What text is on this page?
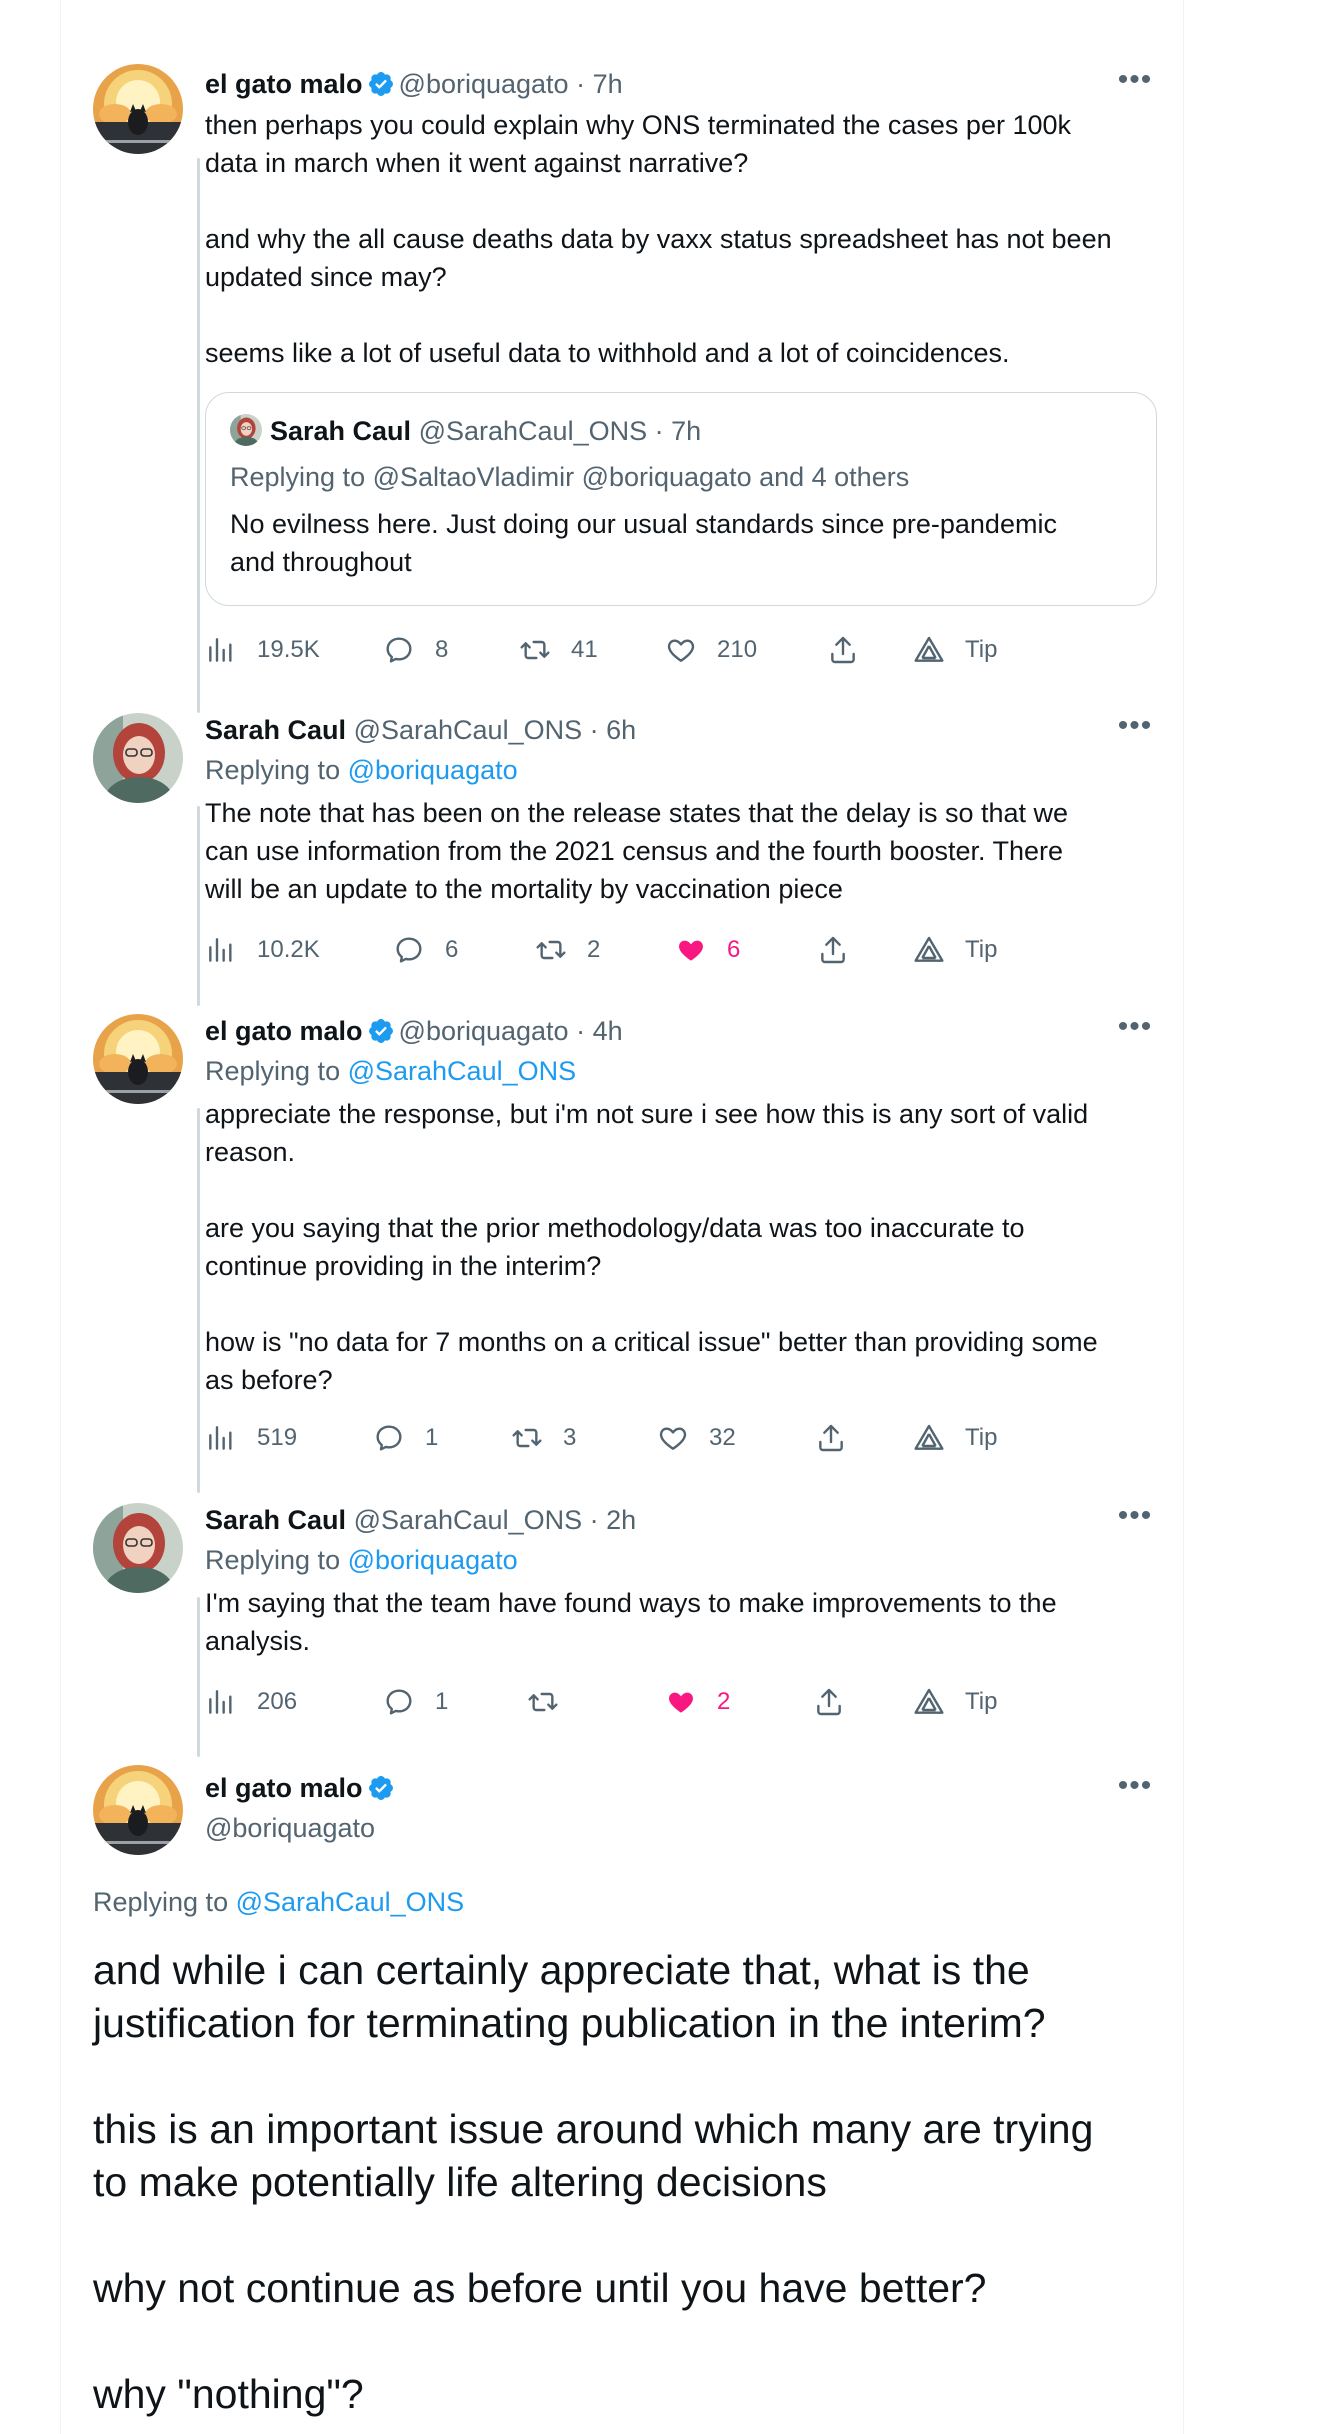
el gato malo @boriquagato · 7h
then perhaps you could explain why ONS terminated the cases per 100k
data in march when it went against narrative?

and why the all cause deaths data by vaxx status spreadsheet has not been
updated since may?

seems like a lot of useful data to withhold and a lot of coincidences.
•••
Sarah Caul @SarahCaul_ONS · 7h
Replying to @SaltaoVladimir @boriquagato and 4 others
No evilness here. Just doing our usual standards since pre-pandemic
and throughout
19.5K	8	41	210	Tip
Sarah Caul @SarahCaul_ONS · 6h
Replying to @boriquagato
The note that has been on the release states that the delay is so that we
can use information from the 2021 census and the fourth booster. There
will be an update to the mortality by vaccination piece
•••
10.2K	6	2	6	Tip
el gato malo @boriquagato · 4h
Replying to @SarahCaul_ONS
appreciate the response, but i'm not sure i see how this is any sort of valid
reason.

are you saying that the prior methodology/data was too inaccurate to
continue providing in the interim?

how is "no data for 7 months on a critical issue" better than providing some
as before?
•••
519	1	3	32	Tip
Sarah Caul @SarahCaul_ONS · 2h
Replying to @boriquagato
I'm saying that the team have found ways to make improvements to the
analysis.
•••
206	1	2	Tip
el gato malo
@boriquagato
•••
Replying to @SarahCaul_ONS
and while i can certainly appreciate that, what is the
justification for terminating publication in the interim?

this is an important issue around which many are trying
to make potentially life altering decisions

why not continue as before until you have better?

why "nothing"?
